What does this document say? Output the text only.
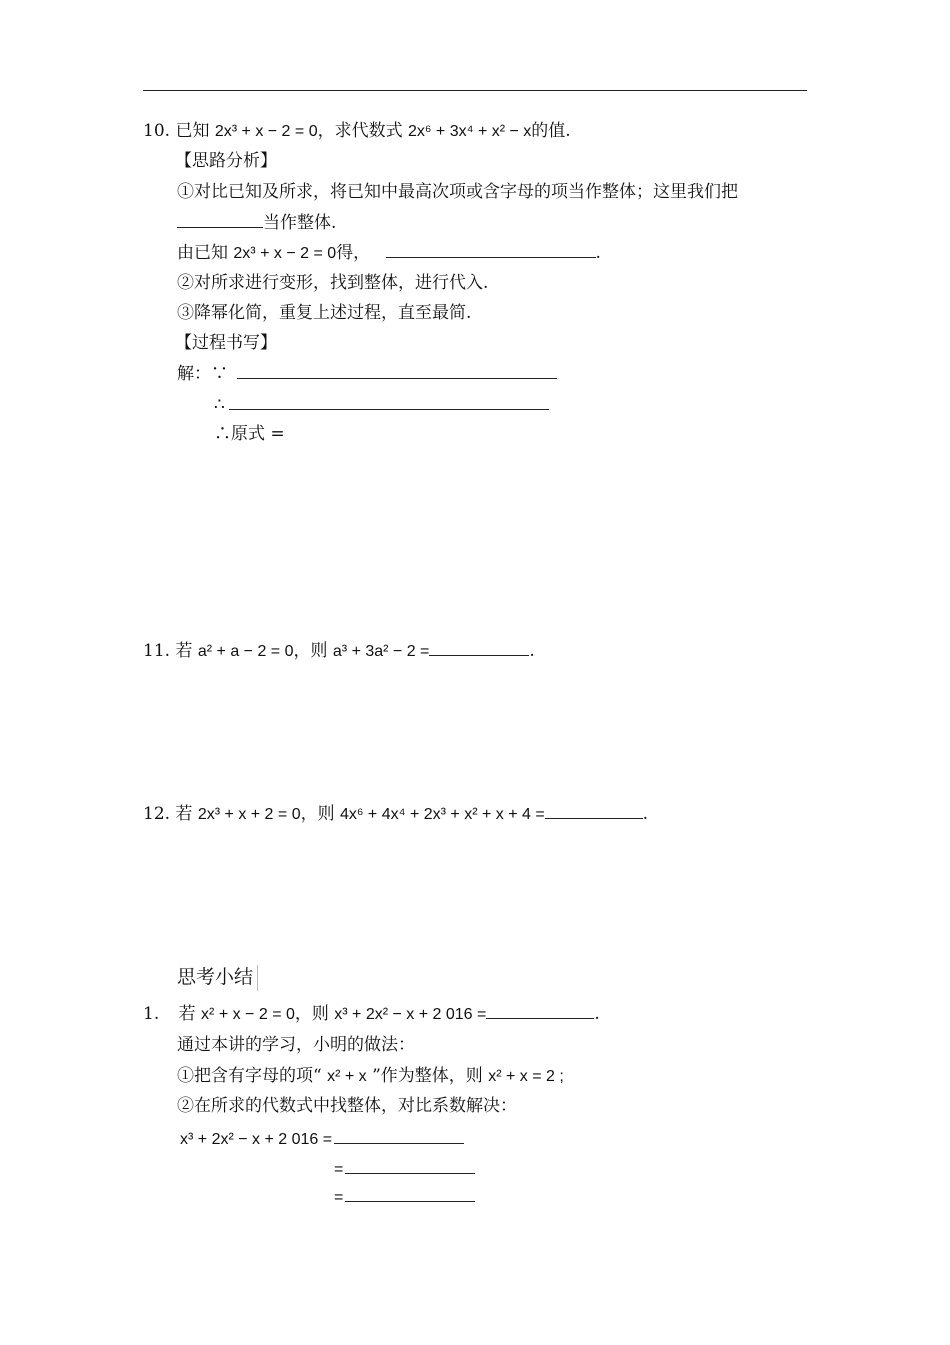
10. 已知 2x³ + x − 2 = 0，求代数式 2x⁶ + 3x⁴ + x² − x的值.
【思路分析】
①对比已知及所求，将已知中最高次项或含字母的项当作整体；这里我们把
当作整体.
由已知 2x³ + x − 2 = 0得，	.
②对所求进行变形，找到整体，进行代入.
③降幂化简，重复上述过程，直至最简.
【过程书写】
解：∵
∴
∴原式 =
11. 若 a² + a − 2 = 0，则 a³ + 3a² − 2 =	.
12. 若 2x³ + x + 2 = 0，则 4x⁶ + 4x⁴ + 2x³ + x² + x + 4 =	.
思考小结
1. 若 x² + x − 2 = 0，则 x³ + 2x² − x + 2 016 =	.
通过本讲的学习，小明的做法：
①把含有字母的项“ x² + x ”作为整体，则 x² + x = 2 ;
②在所求的代数式中找整体，对比系数解决：
x³ + 2x² − x + 2 016 =
=
=
